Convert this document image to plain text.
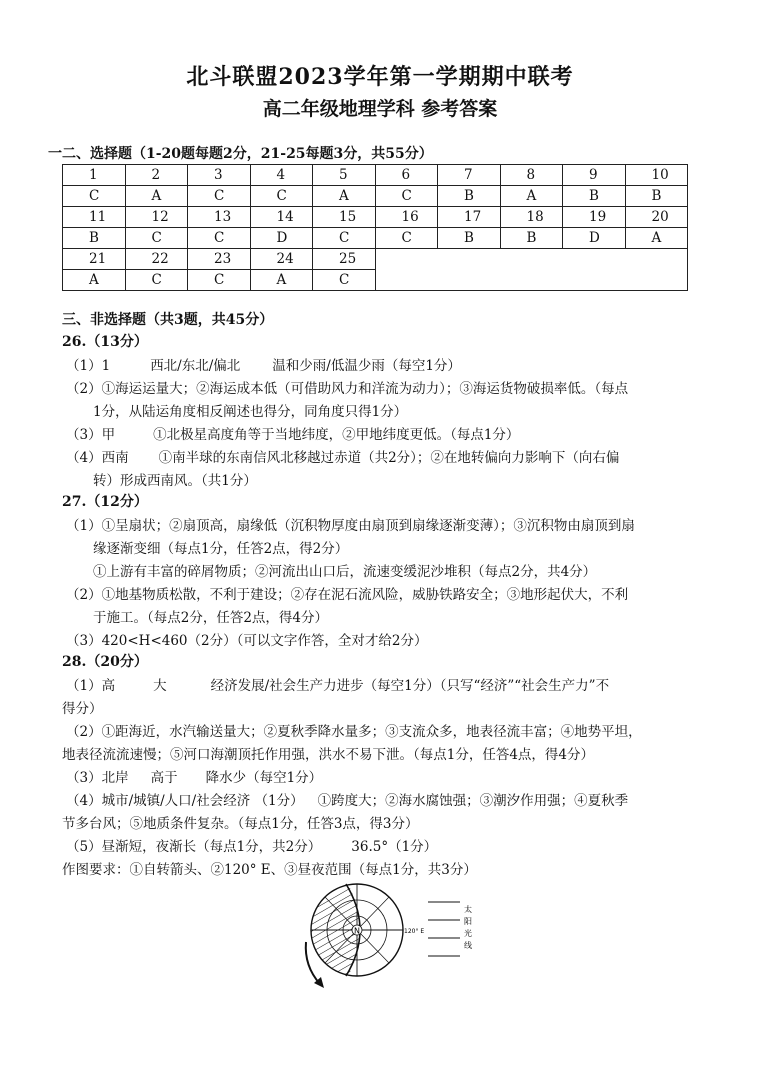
北斗联盟2023学年第一学期期中联考
高二年级地理学科 参考答案
一二、选择题（1-20题每题2分，21-25每题3分，共55分）
1	2	3	4	5	6	7	8	9	10
C	A	C	C	A	C	B	A	B	B
11	12	13	14	15	16	17	18	19	20
B	C	C	D	C	C	B	B	D	A
21	22	23	24	25					
A	C	C	A	C					
三、非选择题（共3题，共45分）
26.（13分）
（1）1	西北/东北/偏北 温和少雨/低温少雨（每空1分）
（2）①海运运量大；②海运成本低（可借助风力和洋流为动力）；③海运货物破损率低。（每点
1分，从陆运角度相反阐述也得分，同角度只得1分）
（3）甲	①北极星高度角等于当地纬度，②甲地纬度更低。（每点1分）
（4）西南 ①南半球的东南信风北移越过赤道（共2分）；②在地转偏向力影响下（向右偏
转）形成西南风。（共1分）
27.（12分）
（1）①呈扇状；②扇顶高，扇缘低（沉积物厚度由扇顶到扇缘逐渐变薄）；③沉积物由扇顶到扇
缘逐渐变细（每点1分，任答2点，得2分）
①上游有丰富的碎屑物质；②河流出山口后，流速变缓泥沙堆积（每点2分，共4分）
（2）①地基物质松散，不利于建设；②存在泥石流风险，威胁铁路安全；③地形起伏大，不利
于施工。（每点2分，任答2点，得4分）
（3）420<H<460（2分）（可以文字作答，全对才给2分）
28.（20分）
（1）高	大	经济发展/社会生产力进步（每空1分）（只写“经济”“社会生产力”不
得分）
（2）①距海近，水汽输送量大；②夏秋季降水量多；③支流众多，地表径流丰富；④地势平坦，
地表径流流速慢；⑤河口海潮顶托作用强，洪水不易下泄。（每点1分，任答4点，得4分）
（3）北岸 高于 降水少（每空1分）
（4）城市/城镇/人口/社会经济 （1分） ①跨度大；②海水腐蚀强；③潮汐作用强；④夏秋季
节多台风；⑤地质条件复杂。（每点1分，任答3点，得3分）
（5）昼渐短，夜渐长（每点1分，共2分） 36.5°（1分）
作图要求：①自转箭头、②120° E、③昼夜范围（每点1分，共3分）
N	120° E
太
阳
光
线
